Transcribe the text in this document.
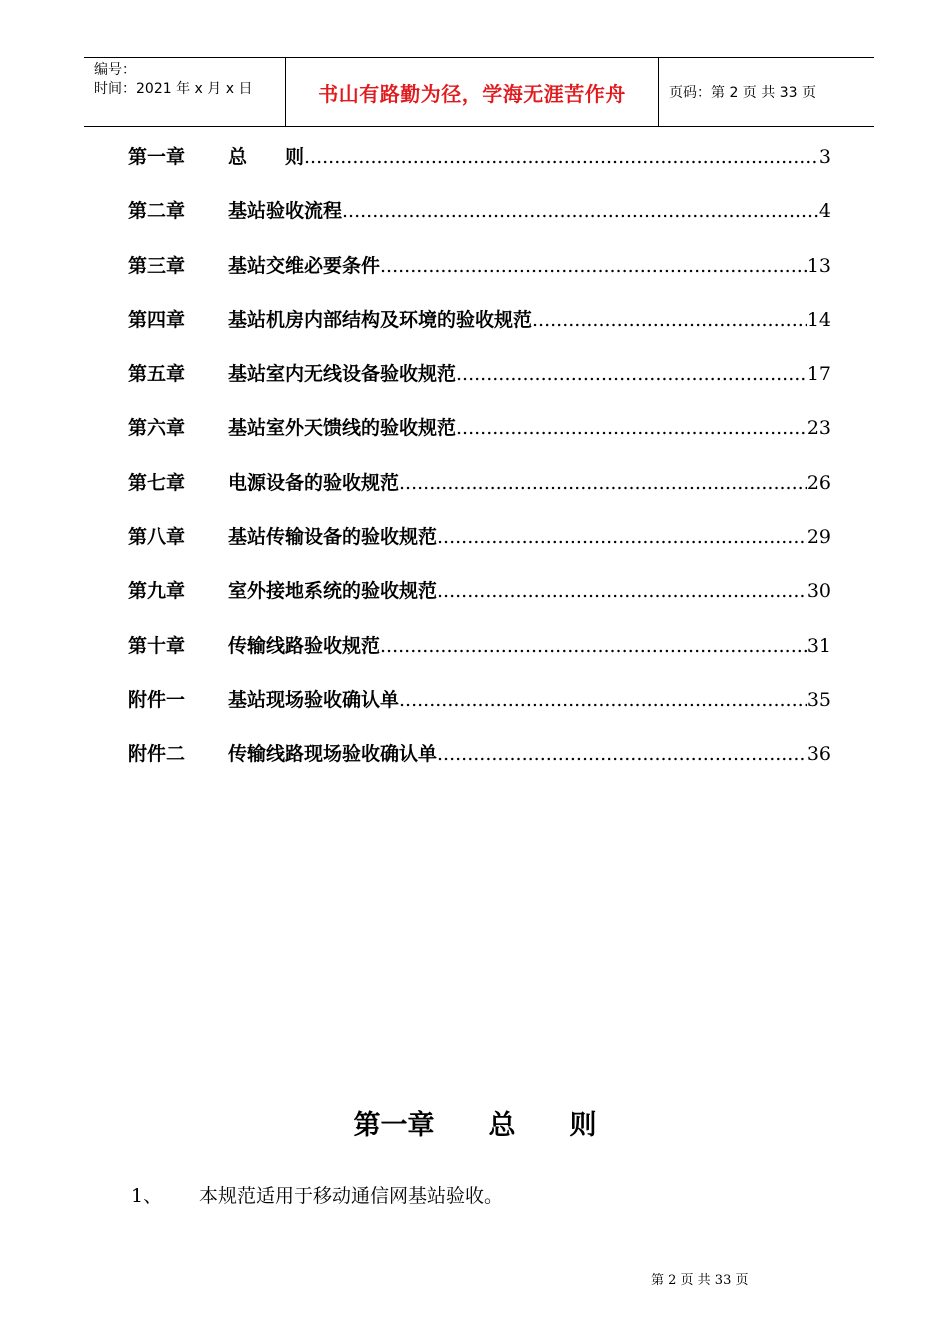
编号：
时间：2021 年 x 月 x 日	书山有路勤为径，学海无涯苦作舟	页码：第 2 页 共 33 页
第一章	总　　则 .....	3
第二章	基站验收流程 .....	4
第三章	基站交维必要条件 .....	13
第四章	基站机房内部结构及环境的验收规范 .....	14
第五章	基站室内无线设备验收规范 .....	17
第六章	基站室外天馈线的验收规范 .....	23
第七章	电源设备的验收规范 .....	26
第八章	基站传输设备的验收规范 .....	29
第九章	室外接地系统的验收规范 .....	30
第十章	传输线路验收规范 .....	31
附件一	基站现场验收确认单 .....	35
附件二	传输线路现场验收确认单 .....	36
第一章　　总　　则
1、	本规范适用于移动通信网基站验收。
第 2 页 共 33 页
